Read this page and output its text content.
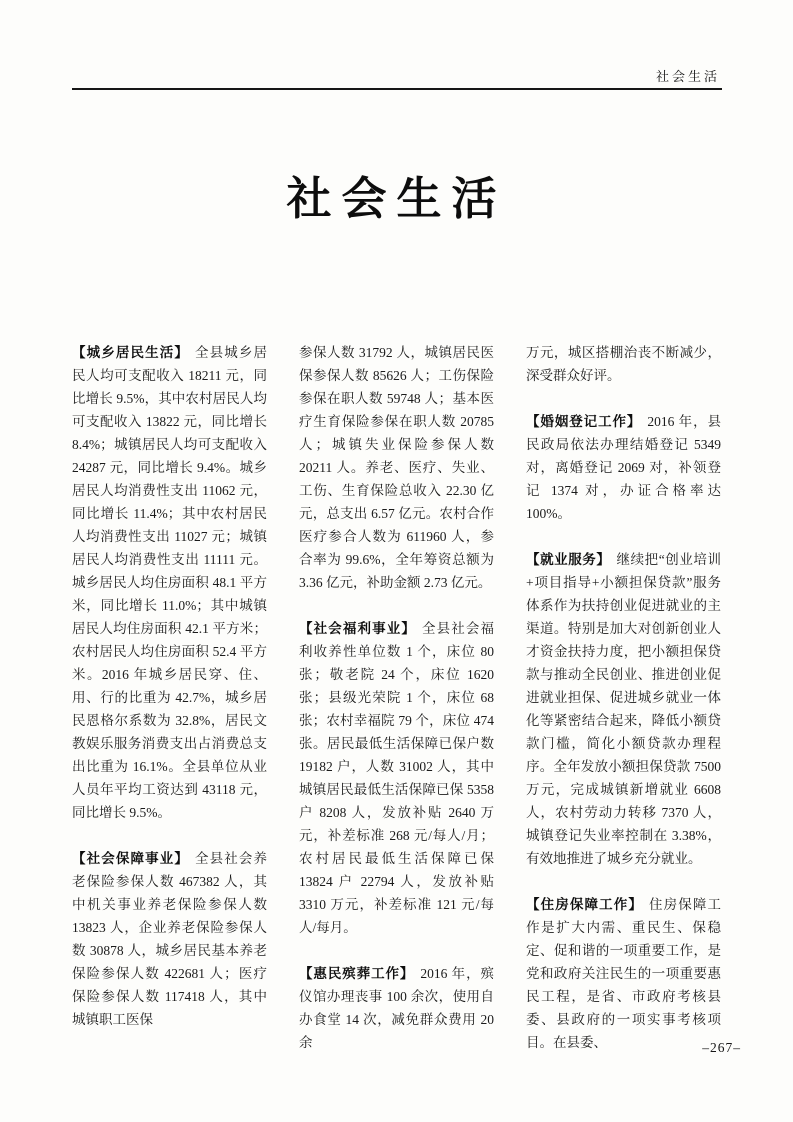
社会生活
社会生活

【城乡居民生活】 全县城乡居民人均可支配收入 18211 元，同比增长 9.5%，其中农村居民人均可支配收入 13822 元，同比增长 8.4%；城镇居民人均可支配收入 24287 元，同比增长 9.4%。城乡居民人均消费性支出 11062 元，同比增长 11.4%；其中农村居民人均消费性支出 11027 元；城镇居民人均消费性支出 11111 元。城乡居民人均住房面积 48.1 平方米，同比增长 11.0%；其中城镇居民人均住房面积 42.1 平方米；农村居民人均住房面积 52.4 平方米。2016 年城乡居民穿、住、用、行的比重为 42.7%，城乡居民恩格尔系数为 32.8%，居民文教娱乐服务消费支出占消费总支出比重为 16.1%。全县单位从业人员年平均工资达到 43118 元，同比增长 9.5%。

【社会保障事业】 全县社会养老保险参保人数 467382 人，其中机关事业养老保险参保人数 13823 人，企业养老保险参保人数 30878 人，城乡居民基本养老保险参保人数 422681 人；医疗保险参保人数 117418 人，其中城镇职工医保

参保人数 31792 人，城镇居民医保参保人数 85626 人；工伤保险参保在职人数 59748 人；基本医疗生育保险参保在职人数 20785 人；城镇失业保险参保人数 20211 人。养老、医疗、失业、工伤、生育保险总收入 22.30 亿元，总支出 6.57 亿元。农村合作医疗参合人数为 611960 人，参合率为 99.6%，全年筹资总额为 3.36 亿元，补助金额 2.73 亿元。

【社会福利事业】 全县社会福利收养性单位数 1 个，床位 80 张；敬老院 24 个，床位 1620 张；县级光荣院 1 个，床位 68 张；农村幸福院 79 个，床位 474 张。居民最低生活保障已保户数 19182 户，人数 31002 人，其中城镇居民最低生活保障已保 5358 户 8208 人，发放补贴 2640 万元，补差标准 268 元/每人/月；农村居民最低生活保障已保 13824 户 22794 人，发放补贴 3310 万元，补差标准 121 元/每人/每月。

【惠民殡葬工作】 2016 年，殡仪馆办理丧事 100 余次，使用自办食堂 14 次，减免群众费用 20 余

万元，城区搭棚治丧不断减少，深受群众好评。

【婚姻登记工作】 2016 年，县民政局依法办理结婚登记 5349 对，离婚登记 2069 对，补领登记 1374 对，办证合格率达 100%。

【就业服务】 继续把“创业培训+项目指导+小额担保贷款”服务体系作为扶持创业促进就业的主渠道。特别是加大对创新创业人才资金扶持力度，把小额担保贷款与推动全民创业、推进创业促进就业担保、促进城乡就业一体化等紧密结合起来，降低小额贷款门槛，简化小额贷款办理程序。全年发放小额担保贷款 7500 万元，完成城镇新增就业 6608 人，农村劳动力转移 7370 人，城镇登记失业率控制在 3.38%，有效地推进了城乡充分就业。

【住房保障工作】 住房保障工作是扩大内需、重民生、保稳定、促和谐的一项重要工作，是党和政府关注民生的一项重要惠民工程，是省、市政府考核县委、县政府的一项实事考核项目。在县委、	–267–
